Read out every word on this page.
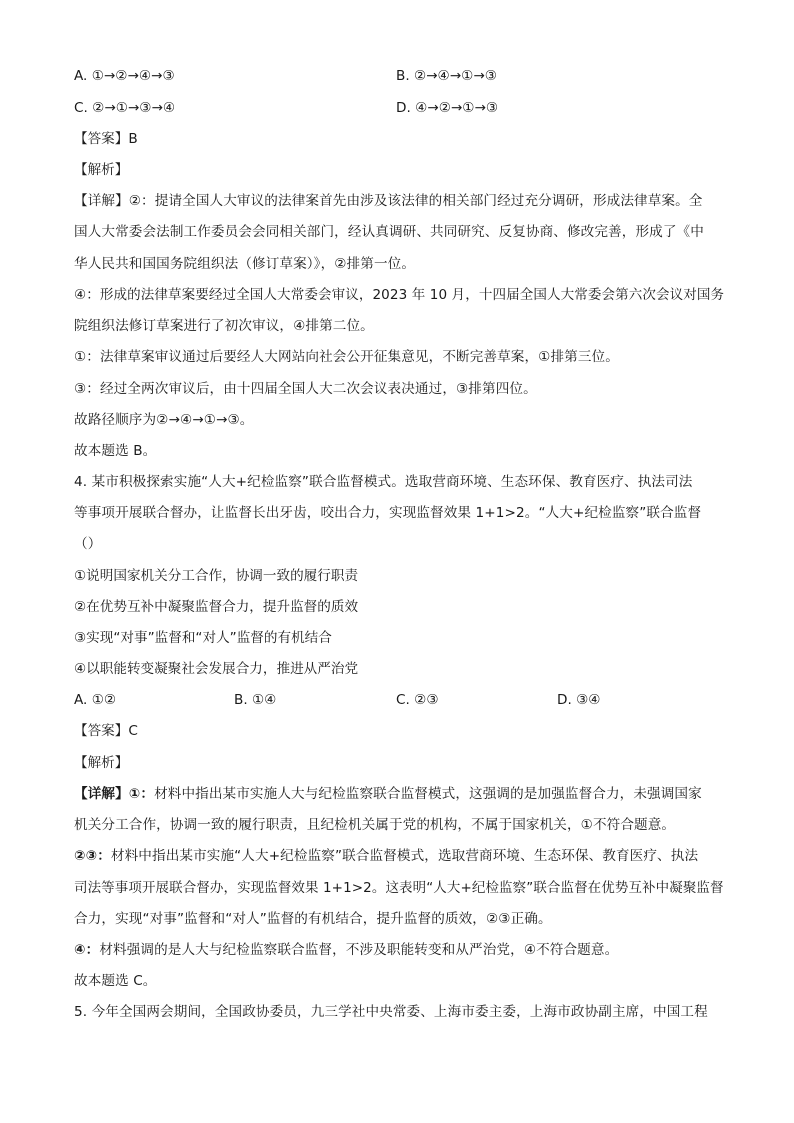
A. ①→②→④→③	B. ②→④→①→③
C. ②→①→③→④	D. ④→②→①→③
【答案】B
【解析】
【详解】②：提请全国人大审议的法律案首先由涉及该法律的相关部门经过充分调研，形成法律草案。全
国人大常委会法制工作委员会会同相关部门，经认真调研、共同研究、反复协商、修改完善，形成了《中
华人民共和国国务院组织法（修订草案）》，②排第一位。
④：形成的法律草案要经过全国人大常委会审议，2023 年 10 月，十四届全国人大常委会第六次会议对国务
院组织法修订草案进行了初次审议，④排第二位。
①：法律草案审议通过后要经人大网站向社会公开征集意见，不断完善草案，①排第三位。
③：经过全两次审议后，由十四届全国人大二次会议表决通过，③排第四位。
故路径顺序为②→④→①→③。
故本题选 B。
4. 某市积极探索实施“人大+纪检监察”联合监督模式。选取营商环境、生态环保、教育医疗、执法司法
等事项开展联合督办，让监督长出牙齿，咬出合力，实现监督效果 1+1>2。“人大+纪检监察”联合监督
（）
①说明国家机关分工合作，协调一致的履行职责
②在优势互补中凝聚监督合力，提升监督的质效
③实现“对事”监督和“对人”监督的有机结合
④以职能转变凝聚社会发展合力，推进从严治党
A. ①②	B. ①④	C. ②③	D. ③④
【答案】C
【解析】
【详解】①：材料中指出某市实施人大与纪检监察联合监督模式，这强调的是加强监督合力，未强调国家
机关分工合作，协调一致的履行职责，且纪检机关属于党的机构，不属于国家机关，①不符合题意。
②③：材料中指出某市实施“人大+纪检监察”联合监督模式，选取营商环境、生态环保、教育医疗、执法
司法等事项开展联合督办，实现监督效果 1+1>2。这表明“人大+纪检监察”联合监督在优势互补中凝聚监督
合力，实现“对事”监督和“对人”监督的有机结合，提升监督的质效，②③正确。
④：材料强调的是人大与纪检监察联合监督，不涉及职能转变和从严治党，④不符合题意。
故本题选 C。
5. 今年全国两会期间，全国政协委员，九三学社中央常委、上海市委主委，上海市政协副主席，中国工程
